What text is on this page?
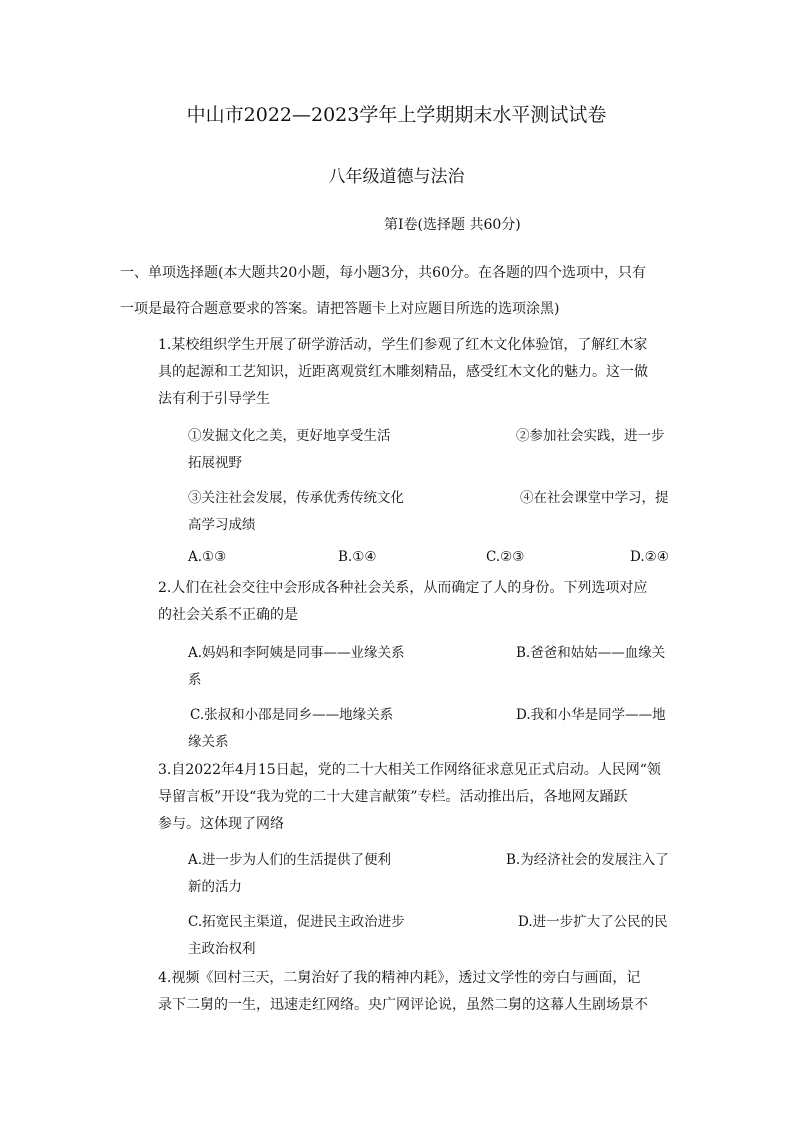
中山市2022—2023学年上学期期末水平测试试卷
八年级道德与法治
第Ⅰ卷(选择题 共60分)
一、单项选择题(本大题共20小题，每小题3分，共60分。在各题的四个选项中，只有
一项是最符合题意要求的答案。请把答题卡上对应题目所选的选项涂黑)
1.某校组织学生开展了研学游活动，学生们参观了红木文化体验馆，了解红木家
具的起源和工艺知识，近距离观赏红木雕刻精品，感受红木文化的魅力。这一做
法有利于引导学生
①发掘文化之美，更好地享受生活	②参加社会实践，进一步
拓展视野
③关注社会发展，传承优秀传统文化	④在社会课堂中学习，提
高学习成绩
A.①③	B.①④	C.②③	D.②④
2.人们在社会交往中会形成各种社会关系，从而确定了人的身份。下列选项对应
的社会关系不正确的是
A.妈妈和李阿姨是同事——业缘关系	B.爸爸和姑姑——血缘关
系
C.张叔和小邵是同乡——地缘关系	D.我和小华是同学——地
缘关系
3.自2022年4月15日起，党的二十大相关工作网络征求意见正式启动。人民网“领
导留言板”开设“我为党的二十大建言献策”专栏。活动推出后，各地网友踊跃
参与。这体现了网络
A.进一步为人们的生活提供了便利	B.为经济社会的发展注入了
新的活力
C.拓宽民主渠道，促进民主政治进步	D.进一步扩大了公民的民
主政治权利
4.视频《回村三天，二舅治好了我的精神内耗》，透过文学性的旁白与画面，记
录下二舅的一生，迅速走红网络。央广网评论说，虽然二舅的这幕人生剧场景不
